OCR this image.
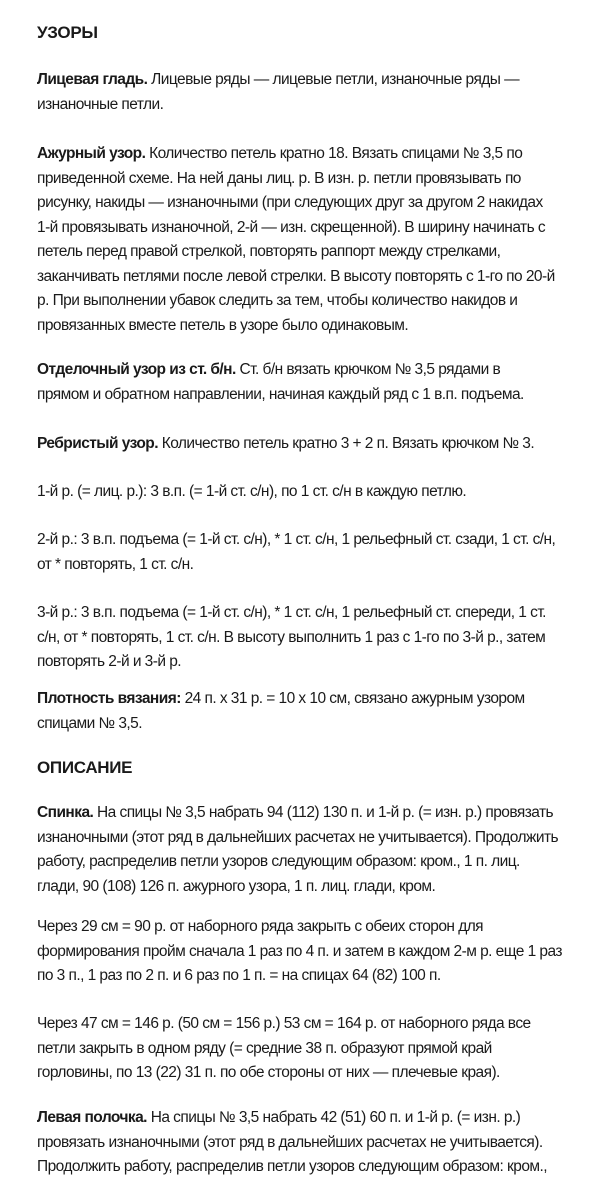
УЗОРЫ

Лицевая гладь. Лицевые ряды — лицевые петли, изнаночные ряды — изнаночные петли.

Ажурный узор. Количество петель кратно 18. Вязать спицами № 3,5 по приведенной схеме. На ней даны лиц. р. В изн. р. петли провязывать по рисунку, накиды — изнаночными (при следующих друг за другом 2 накидах 1-й провязывать изнаночной, 2-й — изн. скрещенной). В ширину начинать с петель перед правой стрелкой, повторять раппорт между стрелками, заканчивать петлями после левой стрелки. В высоту повторять с 1-го по 20-й р. При выполнении убавок следить за тем, чтобы количество накидов и провязанных вместе петель в узоре было одинаковым.

Отделочный узор из ст. б/н. Ст. б/н вязать крючком № 3,5 рядами в прямом и обратном направлении, начиная каждый ряд с 1 в.п. подъема.

Ребристый узор. Количество петель кратно 3 + 2 п. Вязать крючком № 3.

1-й р. (= лиц. р.): 3 в.п. (= 1-й ст. с/н), по 1 ст. с/н в каждую петлю.

2-й р.: 3 в.п. подъема (= 1-й ст. с/н), * 1 ст. с/н, 1 рельефный ст. сзади, 1 ст. с/н, от * повторять, 1 ст. с/н.

3-й р.: 3 в.п. подъема (= 1-й ст. с/н), * 1 ст. с/н, 1 рельефный ст. спереди, 1 ст. с/н, от * повторять, 1 ст. с/н. В высоту выполнить 1 раз с 1-го по 3-й р., затем повторять 2-й и 3-й р.

Плотность вязания: 24 п. х 31 р. = 10 х 10 см, связано ажурным узором спицами № 3,5.

ОПИСАНИЕ

Спинка. На спицы № 3,5 набрать 94 (112) 130 п. и 1-й р. (= изн. р.) провязать изнаночными (этот ряд в дальнейших расчетах не учитывается). Продолжить работу, распределив петли узоров следующим образом: кром., 1 п. лиц. глади, 90 (108) 126 п. ажурного узора, 1 п. лиц. глади, кром.

Через 29 см = 90 р. от наборного ряда закрыть с обеих сторон для формирования пройм сначала 1 раз по 4 п. и затем в каждом 2-м р. еще 1 раз по 3 п., 1 раз по 2 п. и 6 раз по 1 п. = на спицах 64 (82) 100 п.

Через 47 см = 146 р. (50 см = 156 р.) 53 см = 164 р. от наборного ряда все петли закрыть в одном ряду (= средние 38 п. образуют прямой край горловины, по 13 (22) 31 п. по обе стороны от них — плечевые края).

Левая полочка. На спицы № 3,5 набрать 42 (51) 60 п. и 1-й р. (= изн. р.) провязать изнаночными (этот ряд в дальнейших расчетах не учитывается). Продолжить работу, распределив петли узоров следующим образом: кром.,
